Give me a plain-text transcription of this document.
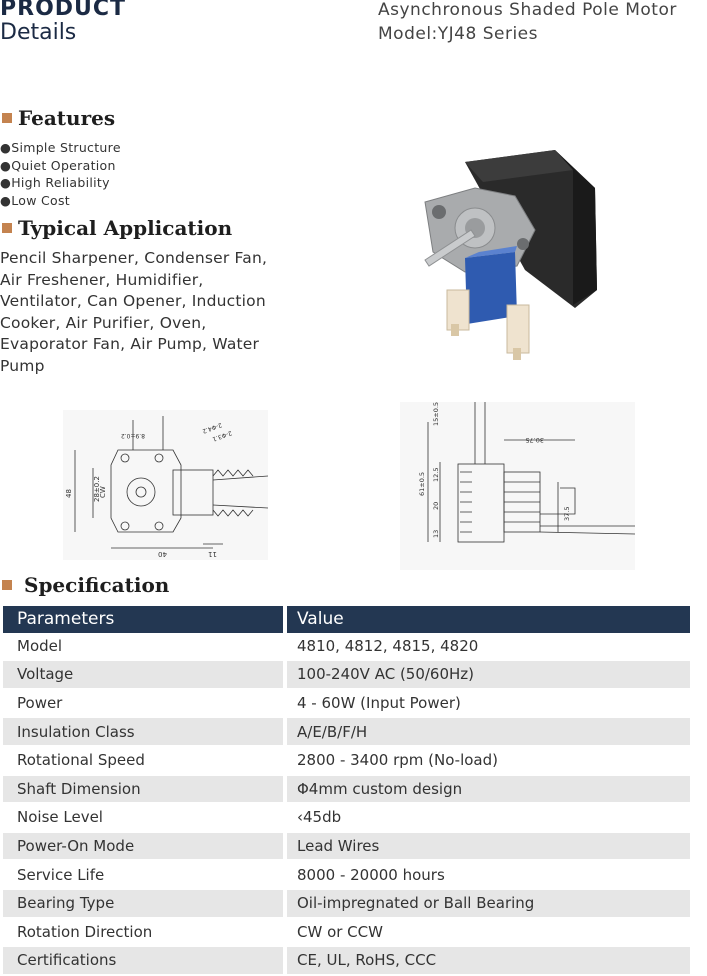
PRODUCT
Details
Asynchronous Shaded Pole Motor
Model:YJ48 Series
Features
●Simple Structure
●Quiet Operation
●High Reliability
●Low Cost
Typical Application
Pencil Sharpener, Condenser Fan, Air Freshener, Humidifier, Ventilator, Can Opener, Induction Cooker, Air Purifier, Oven, Evaporator Fan, Air Pump, Water Pump
48	28±0.2
CW
40	11
8.9±0.2
2-Φ4.2
2-Φ3.1
15±0.5
61±0.5 12.5
20
13
30.75
37.5
Specification
Parameters		Value
Model		4810, 4812, 4815, 4820
Voltage		100-240V AC (50/60Hz)
Power		4 - 60W (Input Power)
Insulation Class		A/E/B/F/H
Rotational Speed		2800 - 3400 rpm (No-load)
Shaft Dimension		Φ4mm custom design
Noise Level		‹45db
Power-On Mode		Lead Wires
Service Life		8000 - 20000 hours
Bearing Type		Oil-impregnated or Ball Bearing
Rotation Direction		CW or CCW
Certifications		CE, UL, RoHS, CCC
